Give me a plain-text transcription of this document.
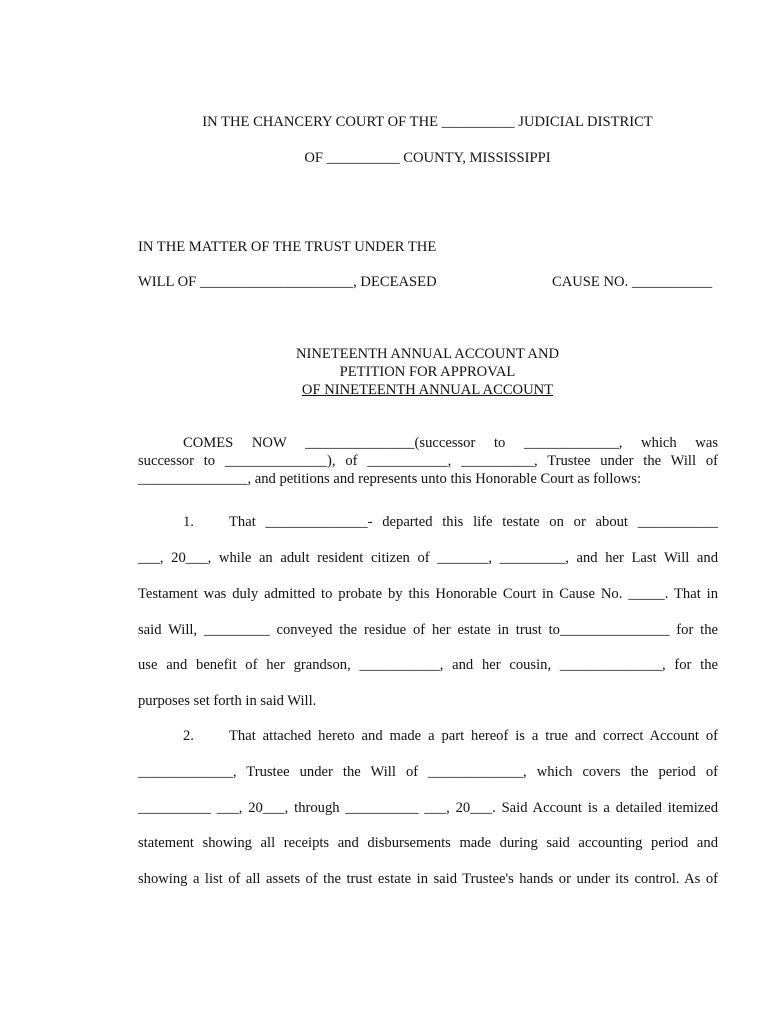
IN THE CHANCERY COURT OF THE __________ JUDICIAL DISTRICT
OF __________ COUNTY, MISSISSIPPI
IN THE MATTER OF THE TRUST UNDER THE
WILL OF _____________________, DECEASED	CAUSE NO. ___________
NINETEENTH ANNUAL ACCOUNT AND
PETITION FOR APPROVAL
OF NINETEENTH ANNUAL ACCOUNT
COMES NOW _______________(successor to _____________, which was
successor to ______________), of ___________, __________, Trustee under the Will of
_______________, and petitions and represents unto this Honorable Court as follows:
1. That ______________- departed this life testate on or about ___________
___, 20___, while an adult resident citizen of _______, _________, and her Last Will and
Testament was duly admitted to probate by this Honorable Court in Cause No. _____. That in
said Will, _________ conveyed the residue of her estate in trust to_______________ for the
use and benefit of her grandson, ___________, and her cousin, ______________, for the
purposes set forth in said Will.
2. That attached hereto and made a part hereof is a true and correct Account of
_____________, Trustee under the Will of _____________, which covers the period of
__________ ___, 20___, through __________ ___, 20___. Said Account is a detailed itemized
statement showing all receipts and disbursements made during said accounting period and
showing a list of all assets of the trust estate in said Trustee's hands or under its control. As of
